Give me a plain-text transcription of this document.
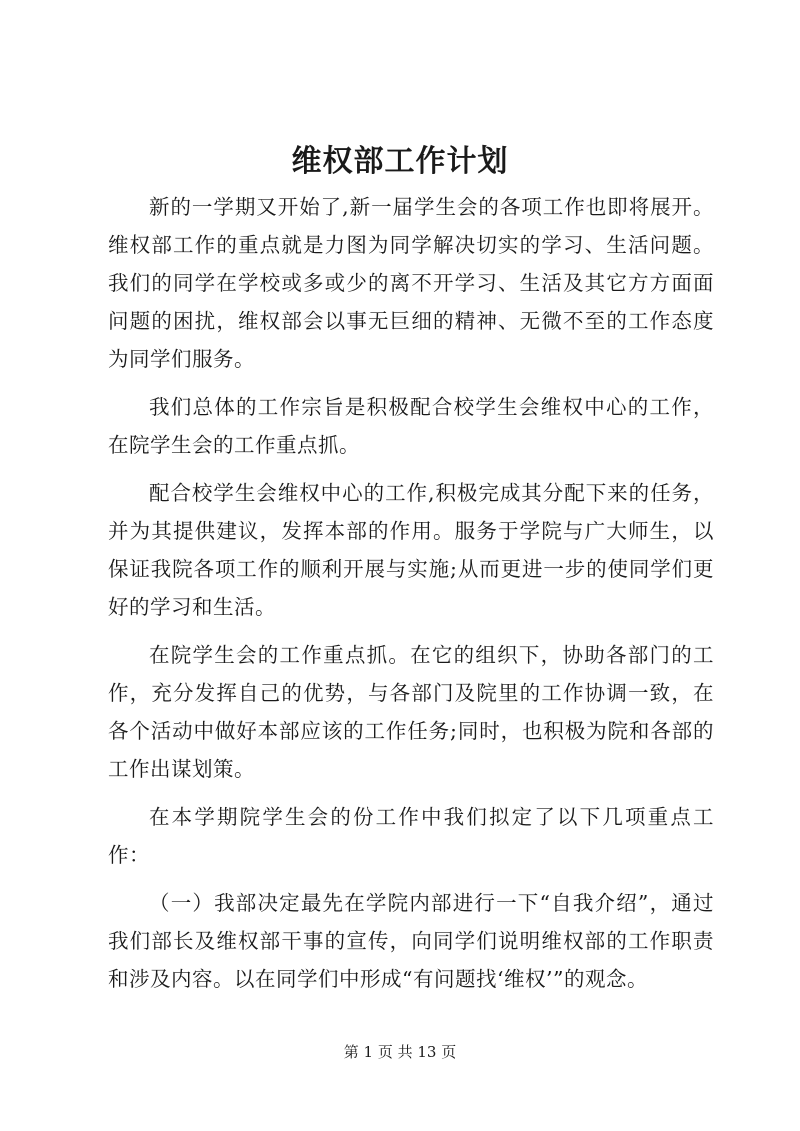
维权部工作计划

新的一学期又开始了,新一届学生会的各项工作也即将展开。维权部工作的重点就是力图为同学解决切实的学习、生活问题。我们的同学在学校或多或少的离不开学习、生活及其它方方面面问题的困扰，维权部会以事无巨细的精神、无微不至的工作态度为同学们服务。

我们总体的工作宗旨是积极配合校学生会维权中心的工作，在院学生会的工作重点抓。

配合校学生会维权中心的工作,积极完成其分配下来的任务，并为其提供建议，发挥本部的作用。服务于学院与广大师生，以保证我院各项工作的顺利开展与实施;从而更进一步的使同学们更好的学习和生活。

在院学生会的工作重点抓。在它的组织下，协助各部门的工作，充分发挥自己的优势，与各部门及院里的工作协调一致，在各个活动中做好本部应该的工作任务;同时，也积极为院和各部的工作出谋划策。

在本学期院学生会的份工作中我们拟定了以下几项重点工作：

（一）我部决定最先在学院内部进行一下“自我介绍”，通过我们部长及维权部干事的宣传，向同学们说明维权部的工作职责和涉及内容。以在同学们中形成“有问题找‘维权’”的观念。

第 1 页 共 13 页
